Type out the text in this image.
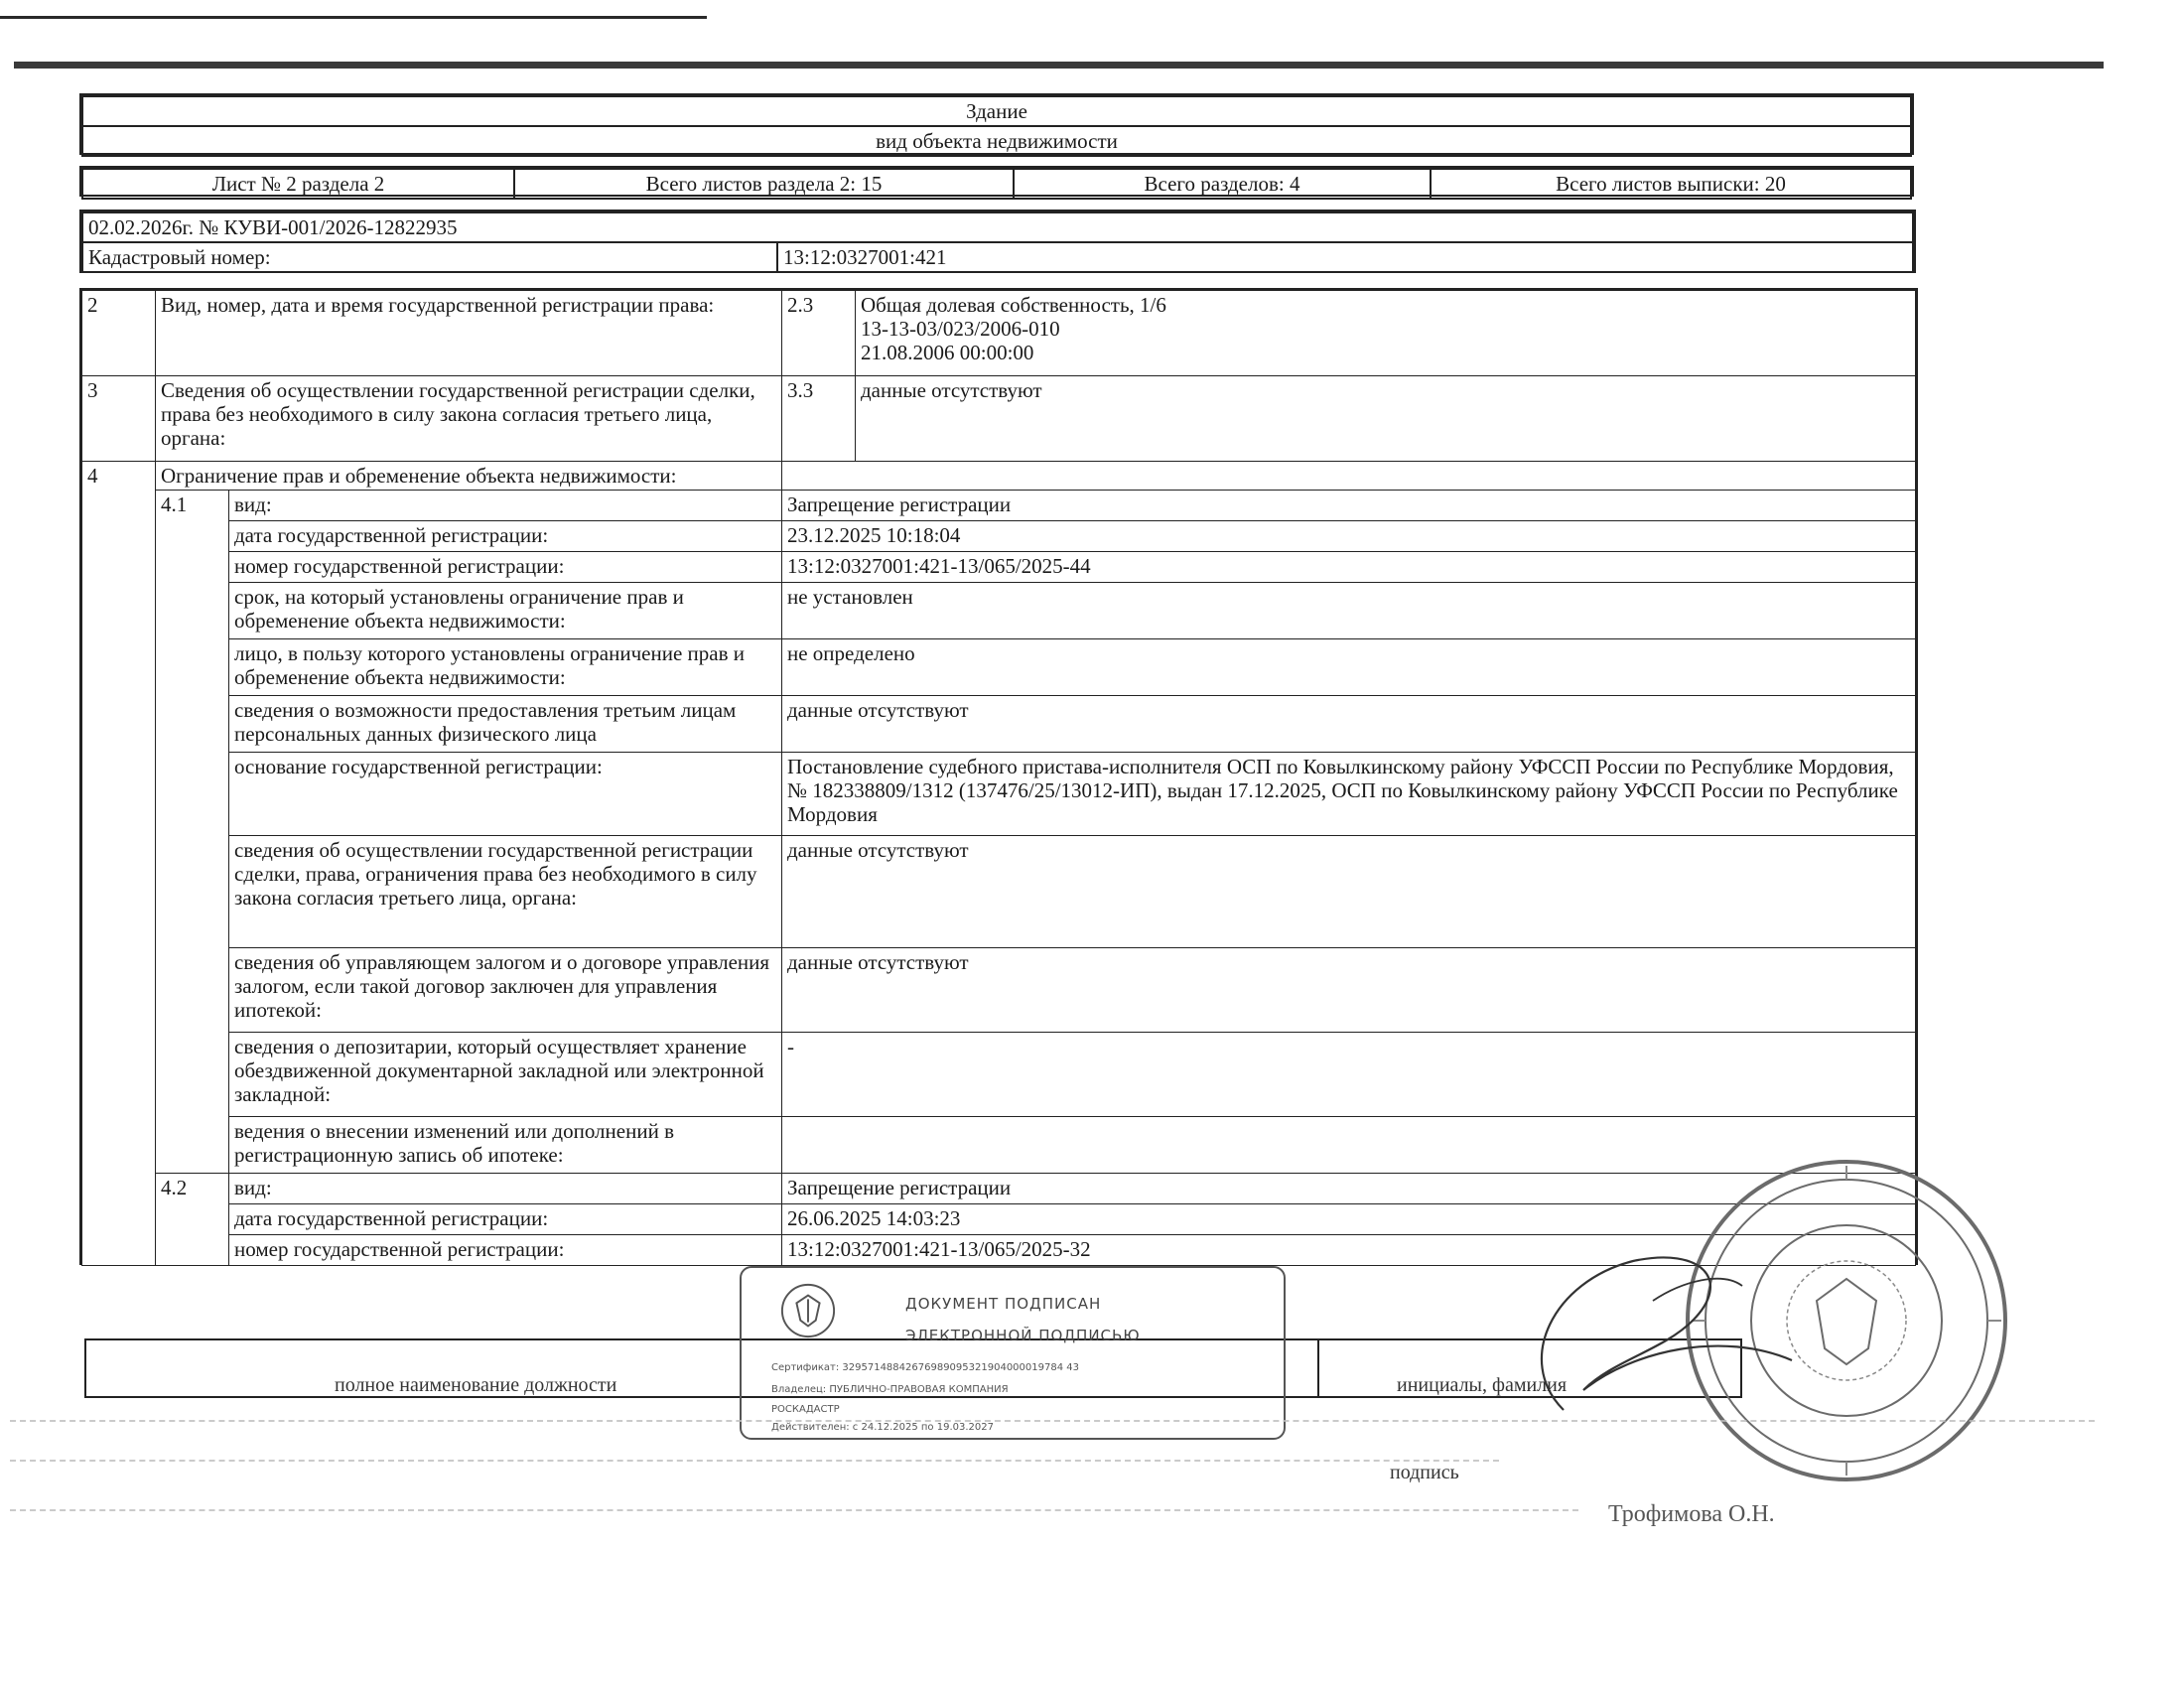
Здание
вид объекта недвижимости
Лист № 2 раздела 2	Всего листов раздела 2: 15	Всего разделов: 4	Всего листов выписки: 20
02.02.2026г. № КУВИ-001/2026-12822935
Кадастровый номер:	13:12:0327001:421
2	Вид, номер, дата и время государственной регистрации права:		2.3	Общая долевая собственность, 1/6
13-13-03/023/2006-010
21.08.2006 00:00:00
3	Сведения об осуществлении государственной регистрации сделки, права без необходимого в силу закона согласия третьего лица, органа:		3.3	данные отсутствуют
4	Ограничение прав и обременение объекта недвижимости:			
	4.1	вид:	Запрещение регистрации	
		дата государственной регистрации:	23.12.2025 10:18:04	
		номер государственной регистрации:	13:12:0327001:421-13/065/2025-44	
		срок, на который установлены ограничение прав и обременение объекта недвижимости:	не установлен	
		лицо, в пользу которого установлены ограничение прав и обременение объекта недвижимости:	не определено	
		сведения о возможности предоставления третьим лицам персональных данных физического лица	данные отсутствуют	
		основание государственной регистрации:	Постановление судебного пристава-исполнителя ОСП по Ковылкинскому району УФССП России по Республике Мордовия, № 182338809/1312 (137476/25/13012-ИП), выдан 17.12.2025, ОСП по Ковылкинскому району УФССП России по Республике Мордовия	
		сведения об осуществлении государственной регистрации сделки, права, ограничения права без необходимого в силу закона согласия третьего лица, органа:	данные отсутствуют	
		сведения об управляющем залогом и о договоре управления залогом, если такой договор заключен для управления ипотекой:	данные отсутствуют	
		сведения о депозитарии, который осуществляет хранение обездвиженной документарной закладной или электронной закладной:	-	
		ведения о внесении изменений или дополнений в регистрационную запись об ипотеке:		
	4.2	вид:	Запрещение регистрации	
		дата государственной регистрации:	26.06.2025 14:03:23	
		номер государственной регистрации:	13:12:0327001:421-13/065/2025-32	
полное наименование должности	инициалы, фамилия
подпись
Трофимова О.Н.
ДОКУМЕНТ ПОДПИСАН
ЭЛЕКТРОННОЙ ПОДПИСЬЮ
Сертификат: 32957148842676989095321904000019784 43
Владелец: ПУБЛИЧНО-ПРАВОВАЯ КОМПАНИЯ
РОСКАДАСТР
Действителен: с 24.12.2025 по 19.03.2027
